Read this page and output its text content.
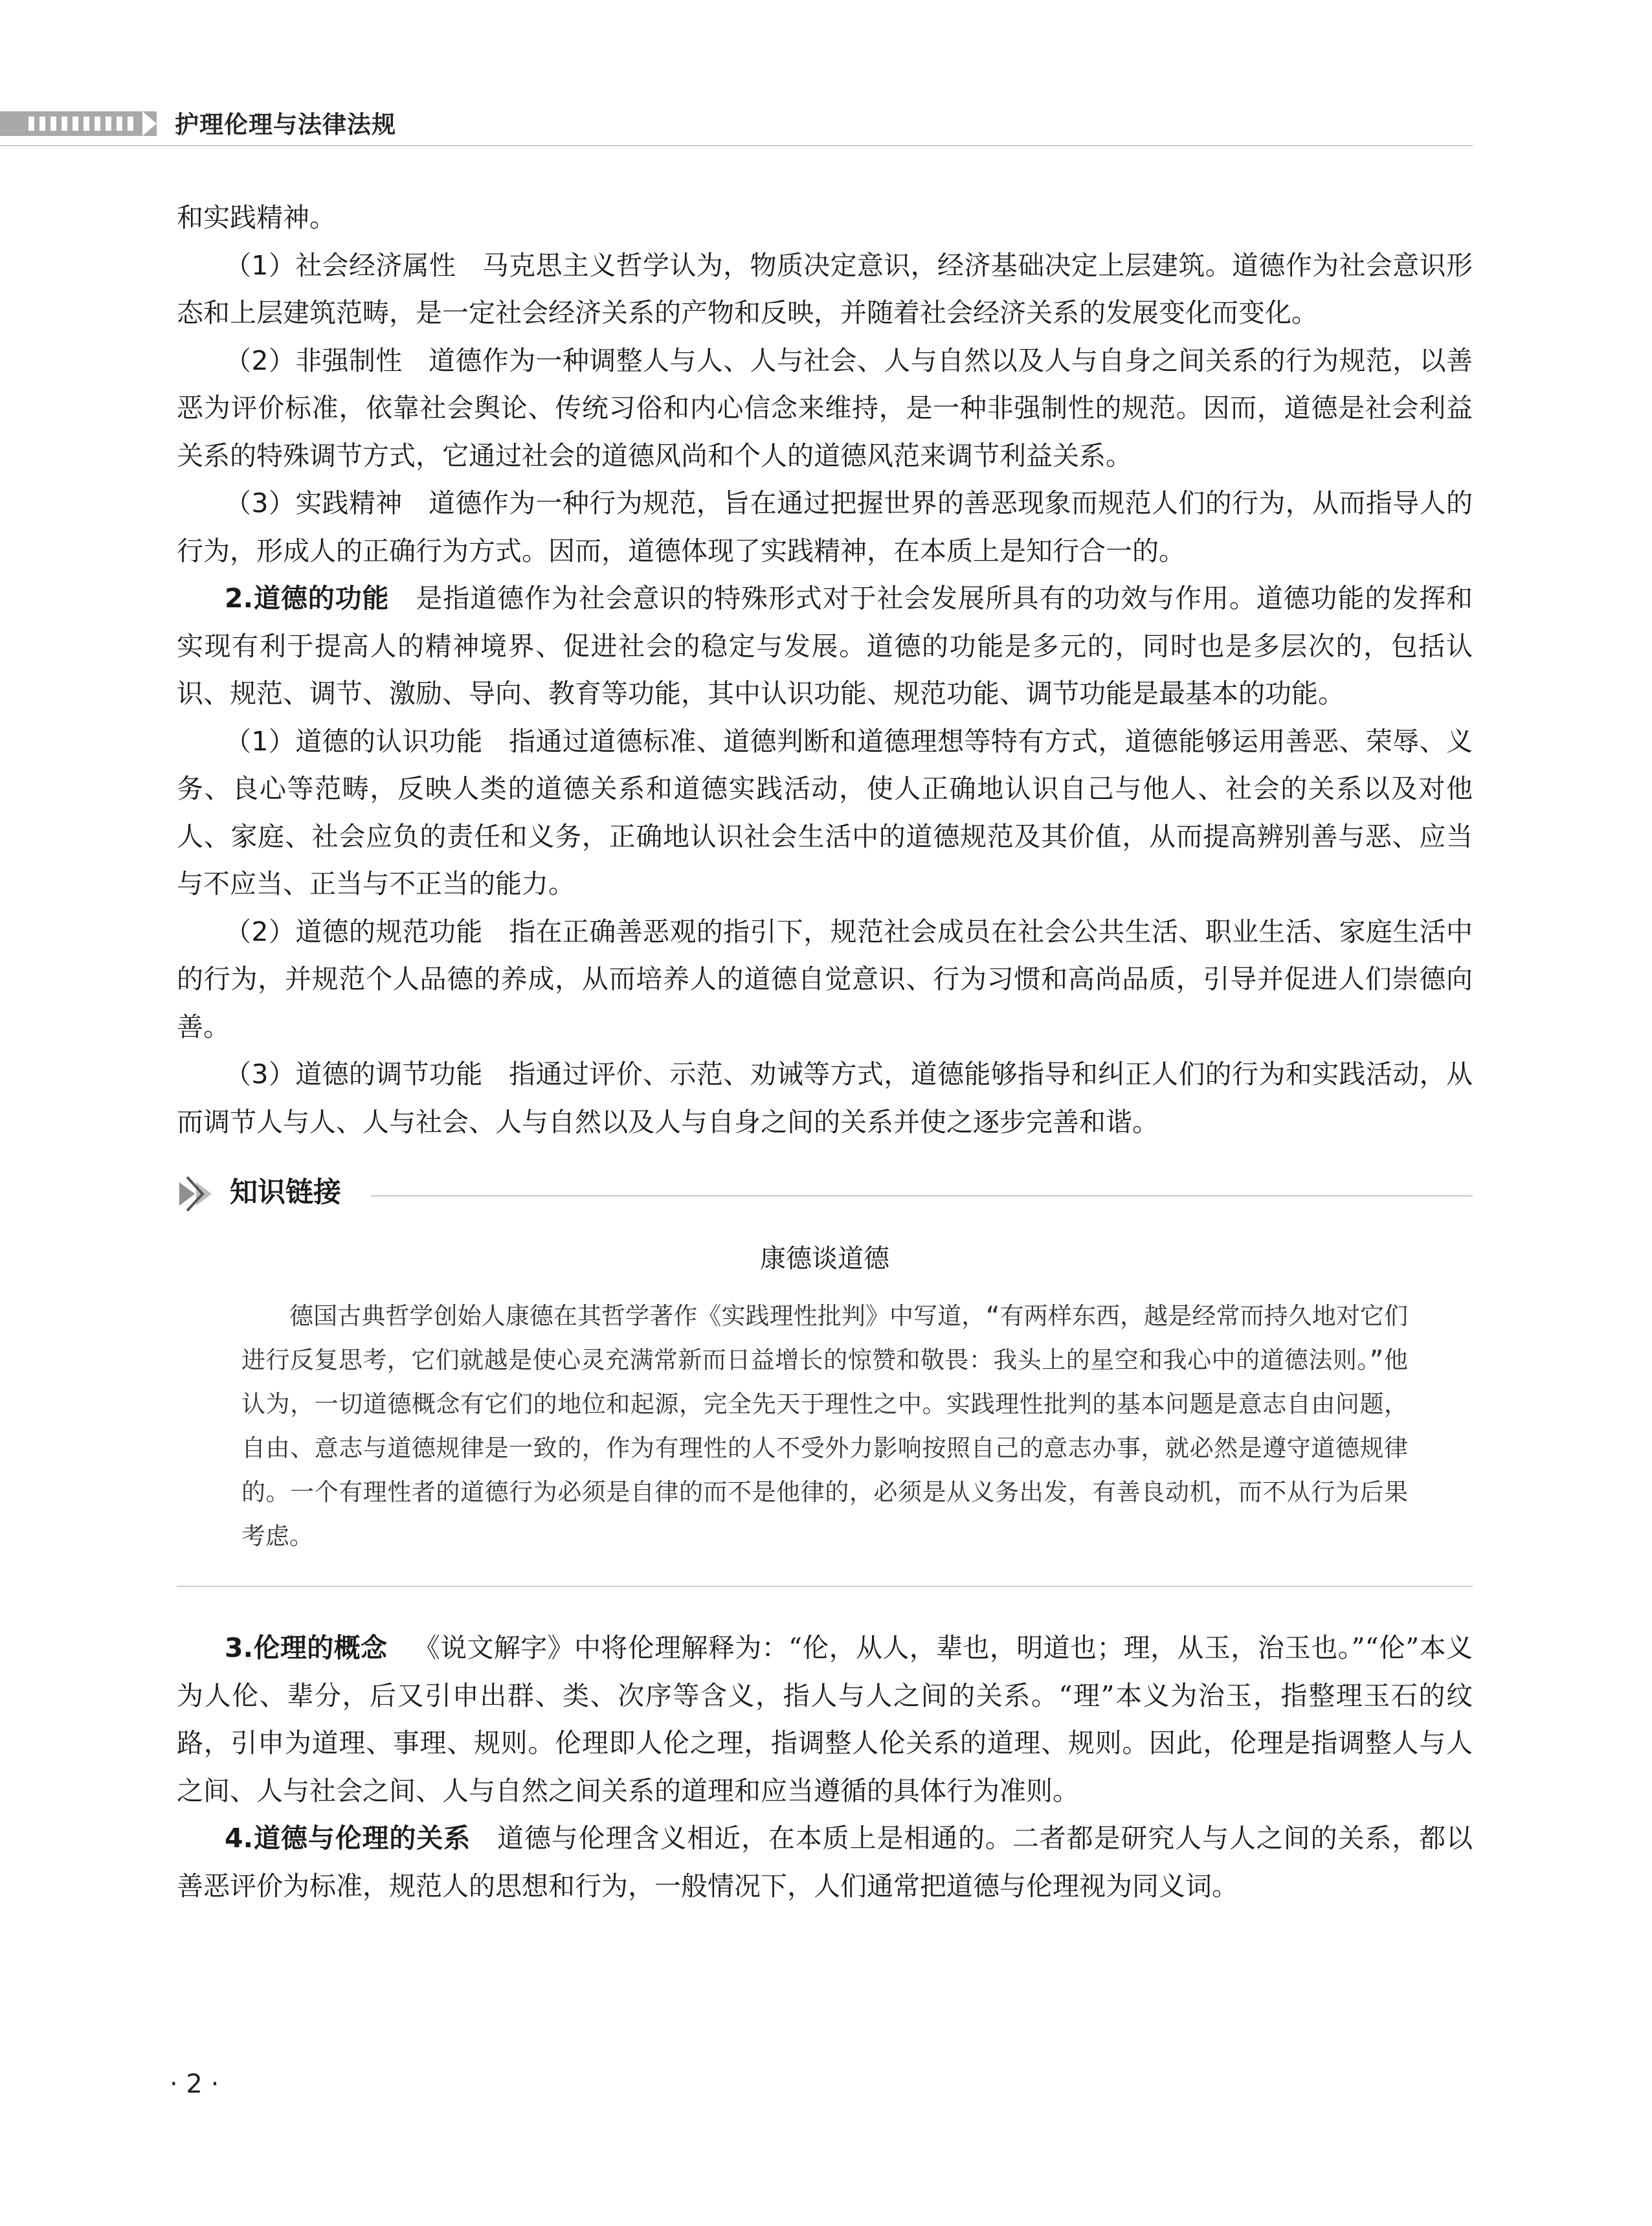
护理伦理与法律法规

和实践精神。

（1）社会经济属性 马克思主义哲学认为，物质决定意识，经济基础决定上层建筑。道德作为社会意识形态和上层建筑范畴，是一定社会经济关系的产物和反映，并随着社会经济关系的发展变化而变化。

（2）非强制性 道德作为一种调整人与人、人与社会、人与自然以及人与自身之间关系的行为规范，以善恶为评价标准，依靠社会舆论、传统习俗和内心信念来维持，是一种非强制性的规范。因而，道德是社会利益关系的特殊调节方式，它通过社会的道德风尚和个人的道德风范来调节利益关系。

（3）实践精神 道德作为一种行为规范，旨在通过把握世界的善恶现象而规范人们的行为，从而指导人的行为，形成人的正确行为方式。因而，道德体现了实践精神，在本质上是知行合一的。

2.道德的功能 是指道德作为社会意识的特殊形式对于社会发展所具有的功效与作用。道德功能的发挥和实现有利于提高人的精神境界、促进社会的稳定与发展。道德的功能是多元的，同时也是多层次的，包括认识、规范、调节、激励、导向、教育等功能，其中认识功能、规范功能、调节功能是最基本的功能。

（1）道德的认识功能 指通过道德标准、道德判断和道德理想等特有方式，道德能够运用善恶、荣辱、义务、良心等范畴，反映人类的道德关系和道德实践活动，使人正确地认识自己与他人、社会的关系以及对他人、家庭、社会应负的责任和义务，正确地认识社会生活中的道德规范及其价值，从而提高辨别善与恶、应当与不应当、正当与不正当的能力。

（2）道德的规范功能 指在正确善恶观的指引下，规范社会成员在社会公共生活、职业生活、家庭生活中的行为，并规范个人品德的养成，从而培养人的道德自觉意识、行为习惯和高尚品质，引导并促进人们崇德向善。

（3）道德的调节功能 指通过评价、示范、劝诫等方式，道德能够指导和纠正人们的行为和实践活动，从而调节人与人、人与社会、人与自然以及人与自身之间的关系并使之逐步完善和谐。

知识链接
康德谈道德

德国古典哲学创始人康德在其哲学著作《实践理性批判》中写道，“有两样东西，越是经常而持久地对它们进行反复思考，它们就越是使心灵充满常新而日益增长的惊赞和敬畏：我头上的星空和我心中的道德法则。”他认为，一切道德概念有它们的地位和起源，完全先天于理性之中。实践理性批判的基本问题是意志自由问题，自由、意志与道德规律是一致的，作为有理性的人不受外力影响按照自己的意志办事，就必然是遵守道德规律的。一个有理性者的道德行为必须是自律的而不是他律的，必须是从义务出发，有善良动机，而不从行为后果考虑。

3.伦理的概念 《说文解字》中将伦理解释为：“伦，从人，辈也，明道也；理，从玉，治玉也。”“伦”本义为人伦、辈分，后又引申出群、类、次序等含义，指人与人之间的关系。“理”本义为治玉，指整理玉石的纹路，引申为道理、事理、规则。伦理即人伦之理，指调整人伦关系的道理、规则。因此，伦理是指调整人与人之间、人与社会之间、人与自然之间关系的道理和应当遵循的具体行为准则。

4.道德与伦理的关系 道德与伦理含义相近，在本质上是相通的。二者都是研究人与人之间的关系，都以善恶评价为标准，规范人的思想和行为，一般情况下，人们通常把道德与伦理视为同义词。

· 2 ·
